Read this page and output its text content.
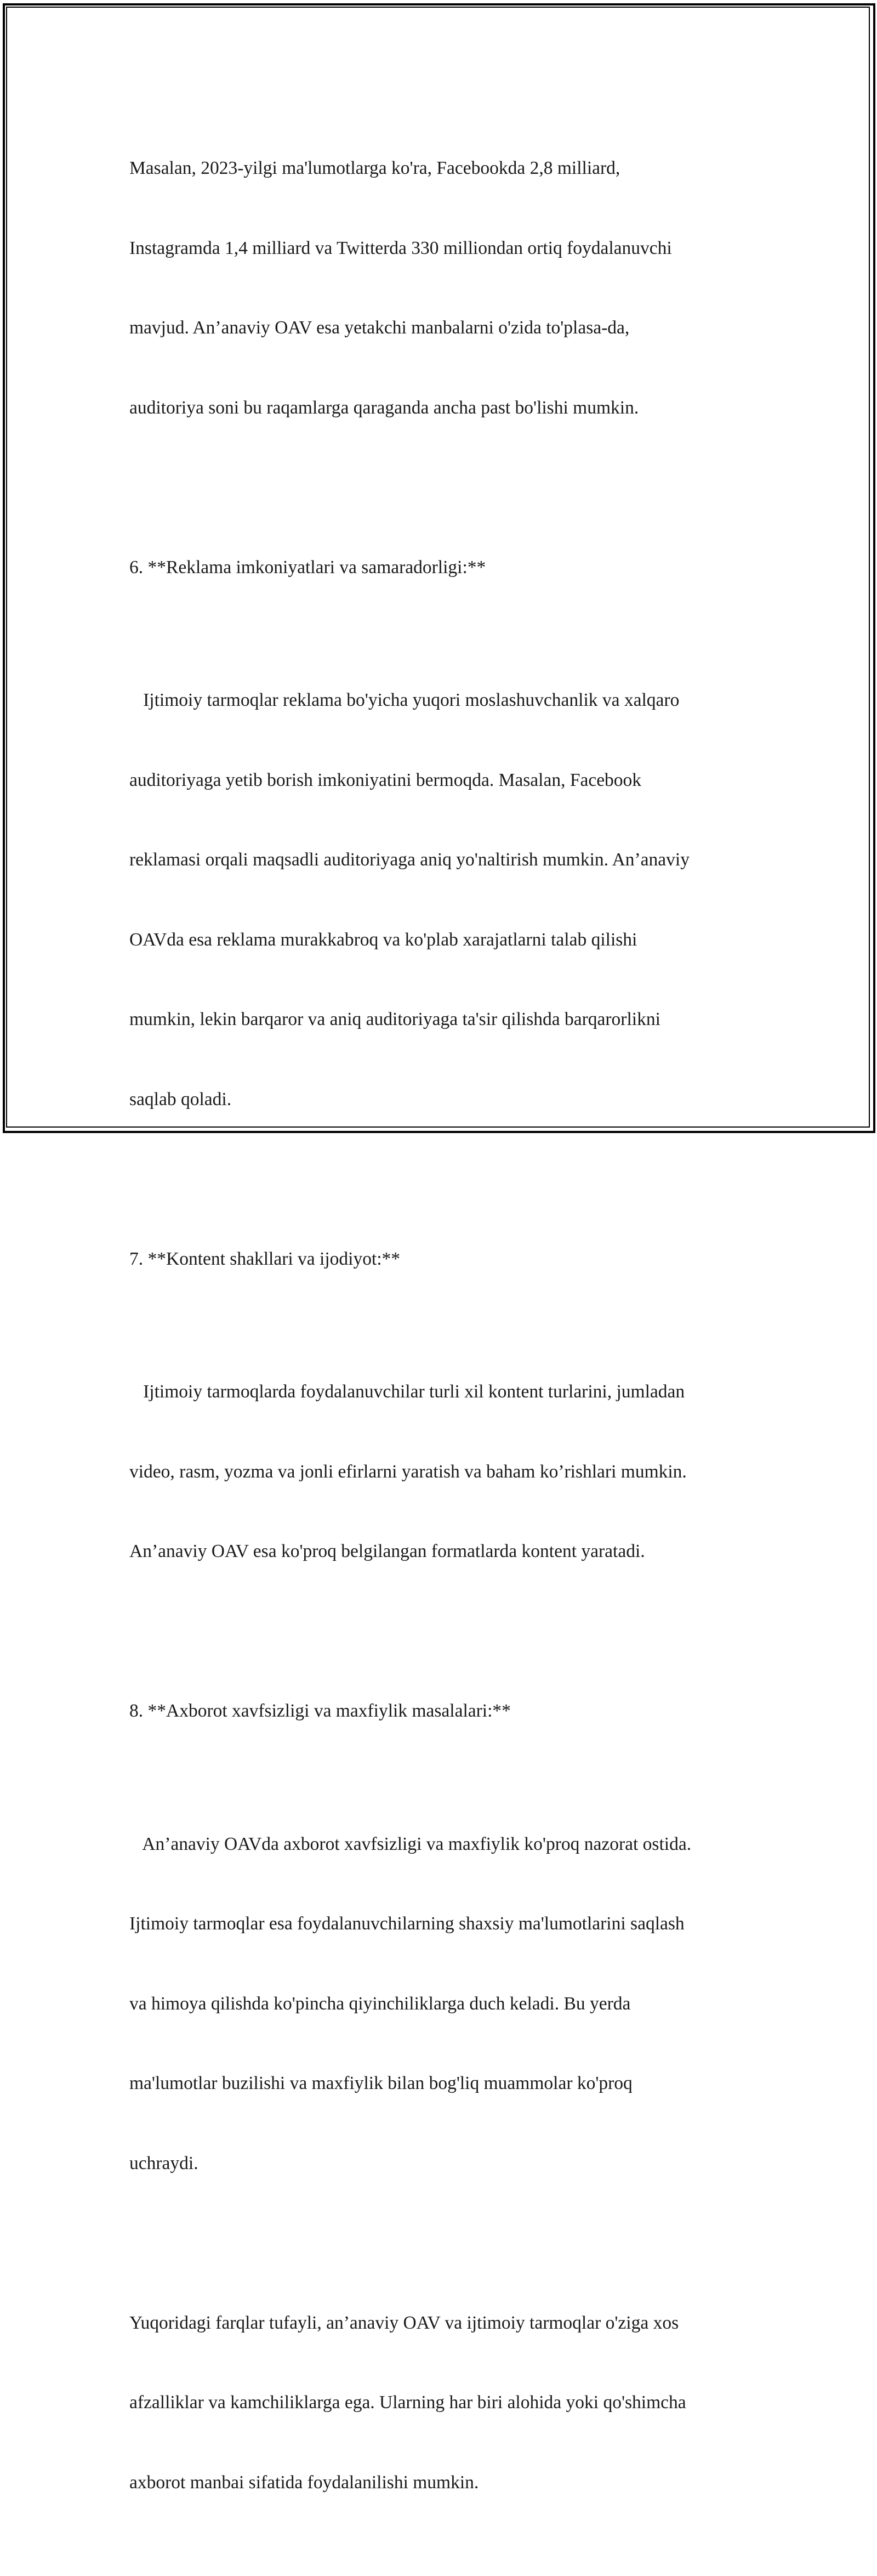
Masalan, 2023-yilgi ma'lumotlarga ko'ra, Facebookda 2,8 milliard,

Instagramda 1,4 milliard va Twitterda 330 milliondan ortiq foydalanuvchi

mavjud. An’anaviy OAV esa yetakchi manbalarni o'zida to'plasa-da,

auditoriya soni bu raqamlarga qaraganda ancha past bo'lishi mumkin.

6. **Reklama imkoniyatlari va samaradorligi:**

Ijtimoiy tarmoqlar reklama bo'yicha yuqori moslashuvchanlik va xalqaro

auditoriyaga yetib borish imkoniyatini bermoqda. Masalan, Facebook

reklamasi orqali maqsadli auditoriyaga aniq yo'naltirish mumkin. An’anaviy

OAVda esa reklama murakkabroq va ko'plab xarajatlarni talab qilishi

mumkin, lekin barqaror va aniq auditoriyaga ta'sir qilishda barqarorlikni

saqlab qoladi.

7. **Kontent shakllari va ijodiyot:**

Ijtimoiy tarmoqlarda foydalanuvchilar turli xil kontent turlarini, jumladan

video, rasm, yozma va jonli efirlarni yaratish va baham ko’rishlari mumkin.

An’anaviy OAV esa ko'proq belgilangan formatlarda kontent yaratadi.

8. **Axborot xavfsizligi va maxfiylik masalalari:**

An’anaviy OAVda axborot xavfsizligi va maxfiylik ko'proq nazorat ostida.

Ijtimoiy tarmoqlar esa foydalanuvchilarning shaxsiy ma'lumotlarini saqlash

va himoya qilishda ko'pincha qiyinchiliklarga duch keladi. Bu yerda

ma'lumotlar buzilishi va maxfiylik bilan bog'liq muammolar ko'proq

uchraydi.

Yuqoridagi farqlar tufayli, an’anaviy OAV va ijtimoiy tarmoqlar o'ziga xos

afzalliklar va kamchiliklarga ega. Ularning har biri alohida yoki qo'shimcha

axborot manbai sifatida foydalanilishi mumkin.
